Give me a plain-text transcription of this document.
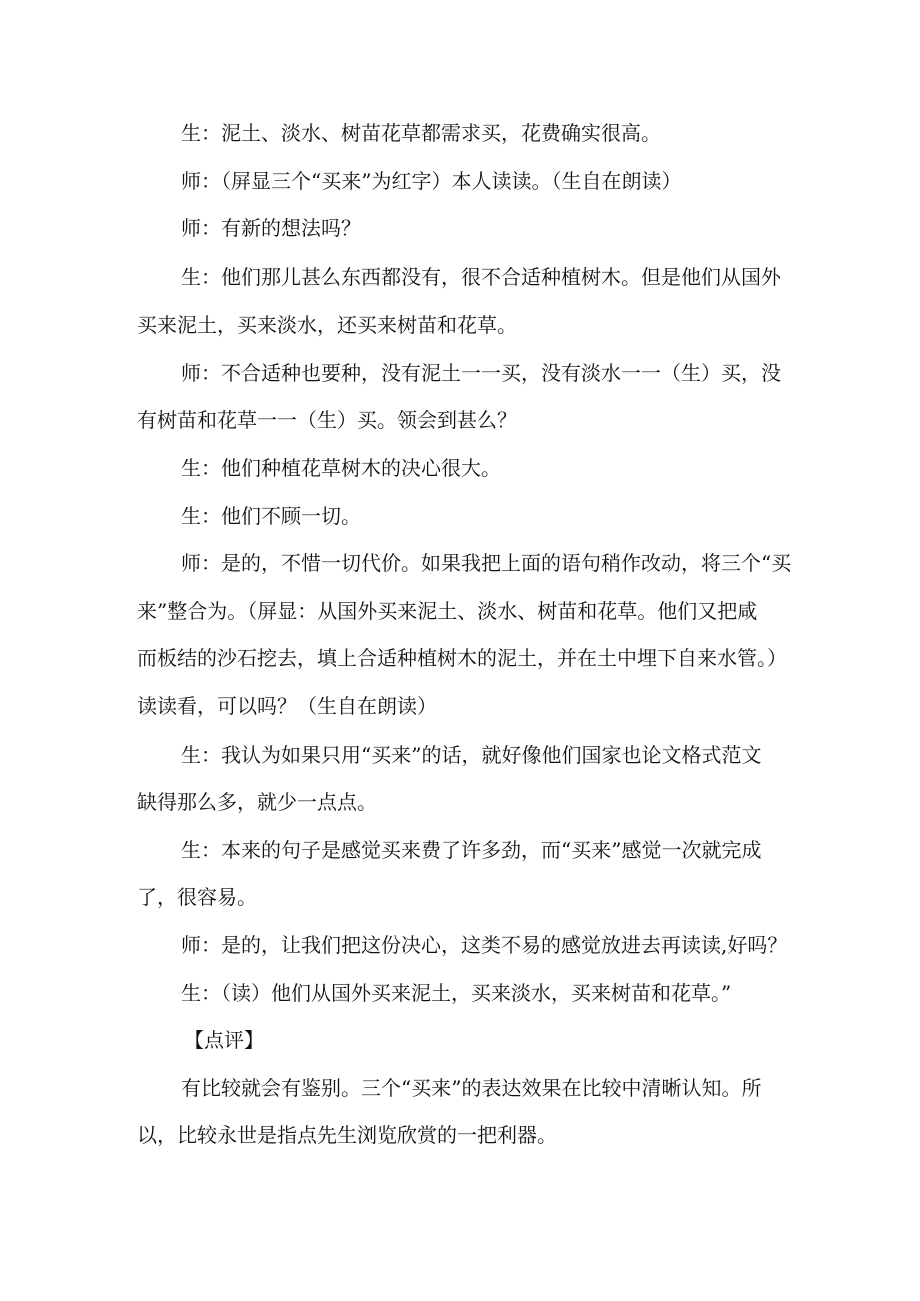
生：泥土、淡水、树苗花草都需求买，花费确实很高。
师：（屏显三个“买来”为红字）本人读读。（生自在朗读）
师：有新的想法吗？
生：他们那儿甚么东西都没有，很不合适种植树木。但是他们从国外
买来泥土，买来淡水，还买来树苗和花草。
师：不合适种也要种，没有泥土一一买，没有淡水一一（生）买，没
有树苗和花草一一（生）买。领会到甚么？
生：他们种植花草树木的决心很大。
生：他们不顾一切。
师：是的，不惜一切代价。如果我把上面的语句稍作改动，将三个“买
来”整合为。（屏显：从国外买来泥土、淡水、树苗和花草。他们又把咸
而板结的沙石挖去，填上合适种植树木的泥土，并在土中埋下自来水管。）
读读看，可以吗？（生自在朗读）
生：我认为如果只用“买来”的话，就好像他们国家也论文格式范文
缺得那么多，就少一点点。
生：本来的句子是感觉买来费了许多劲，而“买来”感觉一次就完成
了，很容易。
师：是的，让我们把这份决心，这类不易的感觉放进去再读读,好吗？
生：（读）他们从国外买来泥土，买来淡水，买来树苗和花草。”
【点评】
有比较就会有鉴别。三个“买来”的表达效果在比较中清晰认知。所
以，比较永世是指点先生浏览欣赏的一把利器。
